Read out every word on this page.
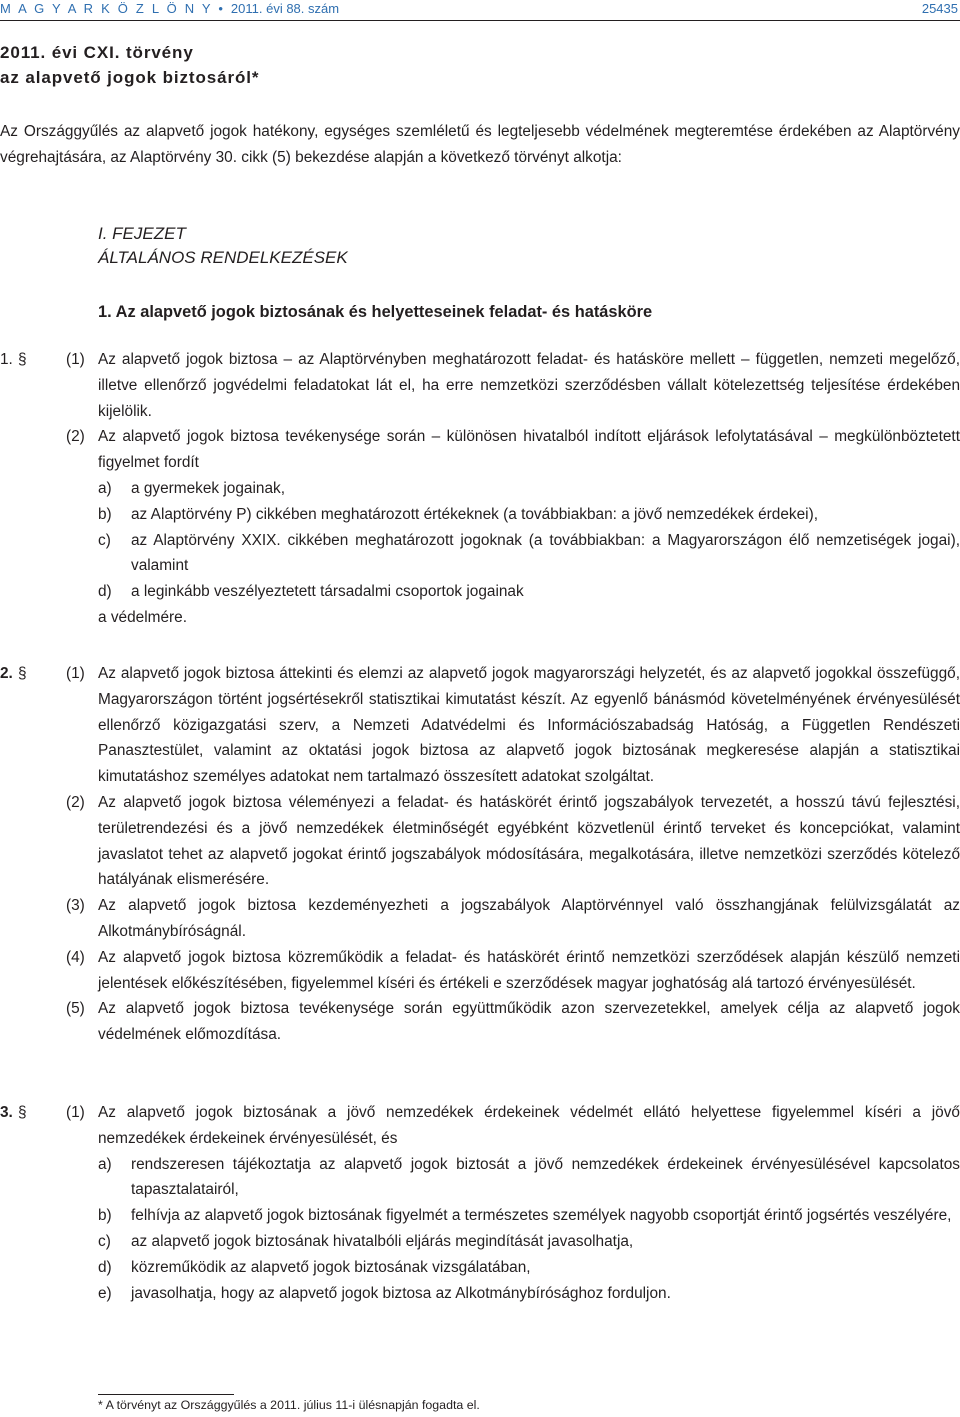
M A G Y A R K Ö Z L Ö N Y • 2011. évi 88. szám	25435
2011. évi CXI. törvény
az alapvető jogok biztosáról*
Az Országgyűlés az alapvető jogok hatékony, egységes szemléletű és legteljesebb védelmének megteremtése érdekében az Alaptörvény végrehajtására, az Alaptörvény 30. cikk (5) bekezdése alapján a következő törvényt alkotja:
I. FEJEZET
ÁLTALÁNOS RENDELKEZÉSEK
1. Az alapvető jogok biztosának és helyetteseinek feladat- és hatásköre
1. §	(1) Az alapvető jogok biztosa – az Alaptörvényben meghatározott feladat- és hatásköre mellett – független, nemzeti megelőző, illetve ellenőrző jogvédelmi feladatokat lát el, ha erre nemzetközi szerződésben vállalt kötelezettség teljesítése érdekében kijelölik.
(2) Az alapvető jogok biztosa tevékenysége során – különösen hivatalból indított eljárások lefolytatásával – megkülönböztetett figyelmet fordít
a) a gyermekek jogainak,
b) az Alaptörvény P) cikkében meghatározott értékeknek (a továbbiakban: a jövő nemzedékek érdekei),
c) az Alaptörvény XXIX. cikkében meghatározott jogoknak (a továbbiakban: a Magyarországon élő nemzetiségek jogai), valamint
d) a leginkább veszélyeztetett társadalmi csoportok jogainak
a védelmére.
2. §	(1) Az alapvető jogok biztosa áttekinti és elemzi az alapvető jogok magyarországi helyzetét, és az alapvető jogokkal összefüggő, Magyarországon történt jogsértésekről statisztikai kimutatást készít. Az egyenlő bánásmód követelményének érvényesülését ellenőrző közigazgatási szerv, a Nemzeti Adatvédelmi és Információszabadság Hatóság, a Független Rendészeti Panasztestület, valamint az oktatási jogok biztosa az alapvető jogok biztosának megkeresése alapján a statisztikai kimutatáshoz személyes adatokat nem tartalmazó összesített adatokat szolgáltat.
(2) Az alapvető jogok biztosa véleményezi a feladat- és hatáskörét érintő jogszabályok tervezetét, a hosszú távú fejlesztési, területrendezési és a jövő nemzedékek életminőségét egyébként közvetlenül érintő terveket és koncepciókat, valamint javaslatot tehet az alapvető jogokat érintő jogszabályok módosítására, megalkotására, illetve nemzetközi szerződés kötelező hatályának elismerésére.
(3) Az alapvető jogok biztosa kezdeményezheti a jogszabályok Alaptörvénnyel való összhangjának felülvizsgálatát az Alkotmánybíróságnál.
(4) Az alapvető jogok biztosa közreműködik a feladat- és hatáskörét érintő nemzetközi szerződések alapján készülő nemzeti jelentések előkészítésében, figyelemmel kíséri és értékeli e szerződések magyar joghatóság alá tartozó érvényesülését.
(5) Az alapvető jogok biztosa tevékenysége során együttműködik azon szervezetekkel, amelyek célja az alapvető jogok védelmének előmozdítása.
3. §	(1) Az alapvető jogok biztosának a jövő nemzedékek érdekeinek védelmét ellátó helyettese figyelemmel kíséri a jövő nemzedékek érdekeinek érvényesülését, és
a) rendszeresen tájékoztatja az alapvető jogok biztosát a jövő nemzedékek érdekeinek érvényesülésével kapcsolatos tapasztalatairól,
b) felhívja az alapvető jogok biztosának figyelmét a természetes személyek nagyobb csoportját érintő jogsértés veszélyére,
c) az alapvető jogok biztosának hivatalbóli eljárás megindítását javasolhatja,
d) közreműködik az alapvető jogok biztosának vizsgálatában,
e) javasolhatja, hogy az alapvető jogok biztosa az Alkotmánybírósághoz forduljon.
* A törvényt az Országgyűlés a 2011. július 11-i ülésnapján fogadta el.
